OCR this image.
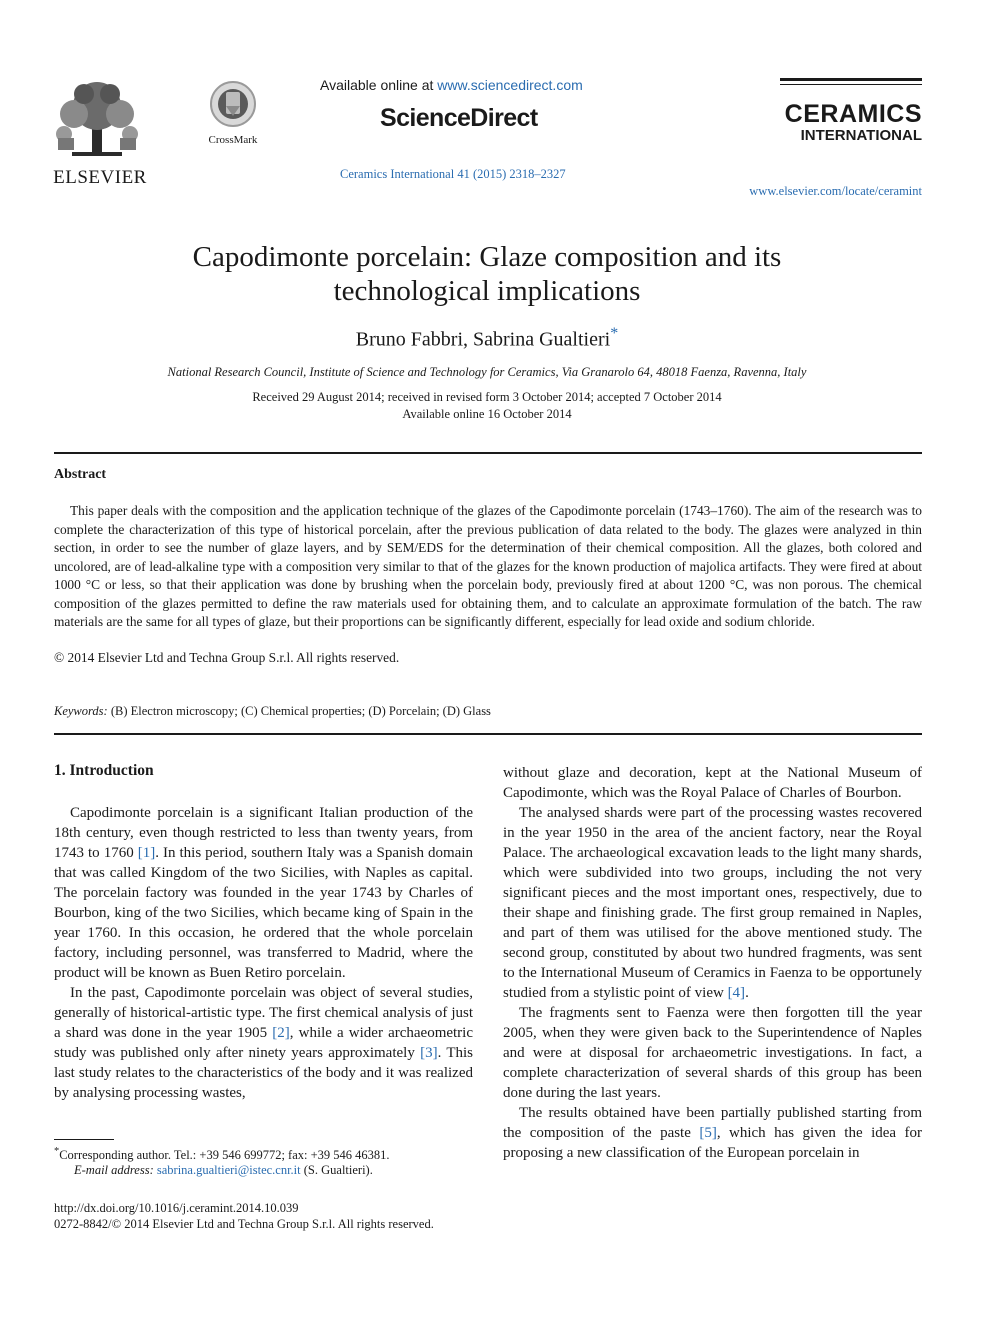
ELSEVIER
CrossMark
Available online at www.sciencedirect.com
ScienceDirect
Ceramics International 41 (2015) 2318–2327
CERAMICS
INTERNATIONAL
www.elsevier.com/locate/ceramint
Capodimonte porcelain: Glaze composition and its
technological implications
Bruno Fabbri, Sabrina Gualtieri*
National Research Council, Institute of Science and Technology for Ceramics, Via Granarolo 64, 48018 Faenza, Ravenna, Italy
Received 29 August 2014; received in revised form 3 October 2014; accepted 7 October 2014
Available online 16 October 2014
Abstract

This paper deals with the composition and the application technique of the glazes of the Capodimonte porcelain (1743–1760). The aim of the research was to complete the characterization of this type of historical porcelain, after the previous publication of data related to the body. The glazes were analyzed in thin section, in order to see the number of glaze layers, and by SEM/EDS for the determination of their chemical composition. All the glazes, both colored and uncolored, are of lead-alkaline type with a composition very similar to that of the glazes for the known production of majolica artifacts. They were fired at about 1000 °C or less, so that their application was done by brushing when the porcelain body, previously fired at about 1200 °C, was non porous. The chemical composition of the glazes permitted to define the raw materials used for obtaining them, and to calculate an approximate formulation of the batch. The raw materials are the same for all types of glaze, but their proportions can be significantly different, especially for lead oxide and sodium chloride.

© 2014 Elsevier Ltd and Techna Group S.r.l. All rights reserved.
Keywords: (B) Electron microscopy; (C) Chemical properties; (D) Porcelain; (D) Glass
1. Introduction

Capodimonte porcelain is a significant Italian production of the 18th century, even though restricted to less than twenty years, from 1743 to 1760 [1]. In this period, southern Italy was a Spanish domain that was called Kingdom of the two Sicilies, with Naples as capital. The porcelain factory was founded in the year 1743 by Charles of Bourbon, king of the two Sicilies, which became king of Spain in the year 1760. In this occasion, he ordered that the whole porcelain factory, including personnel, was transferred to Madrid, where the product will be known as Buen Retiro porcelain.

In the past, Capodimonte porcelain was object of several studies, generally of historical-artistic type. The first chemical analysis of just a shard was done in the year 1905 [2], while a wider archaeometric study was published only after ninety years approximately [3]. This last study relates to the characteristics of the body and it was realized by analysing processing wastes,

without glaze and decoration, kept at the National Museum of Capodimonte, which was the Royal Palace of Charles of Bourbon.

The analysed shards were part of the processing wastes recovered in the year 1950 in the area of the ancient factory, near the Royal Palace. The archaeological excavation leads to the light many shards, which were subdivided into two groups, including the not very significant pieces and the most important ones, respectively, due to their shape and finishing grade. The first group remained in Naples, and part of them was utilised for the above mentioned study. The second group, constituted by about two hundred fragments, was sent to the International Museum of Ceramics in Faenza to be opportunely studied from a stylistic point of view [4].

The fragments sent to Faenza were then forgotten till the year 2005, when they were given back to the Superintendence of Naples and were at disposal for archaeometric investigations. In fact, a complete characterization of several shards of this group has been done during the last years.

The results obtained have been partially published starting from the composition of the paste [5], which has given the idea for proposing a new classification of the European porcelain in

*Corresponding author. Tel.: +39 546 699772; fax: +39 546 46381.
E-mail address: sabrina.gualtieri@istec.cnr.it (S. Gualtieri).
http://dx.doi.org/10.1016/j.ceramint.2014.10.039
0272-8842/© 2014 Elsevier Ltd and Techna Group S.r.l. All rights reserved.
